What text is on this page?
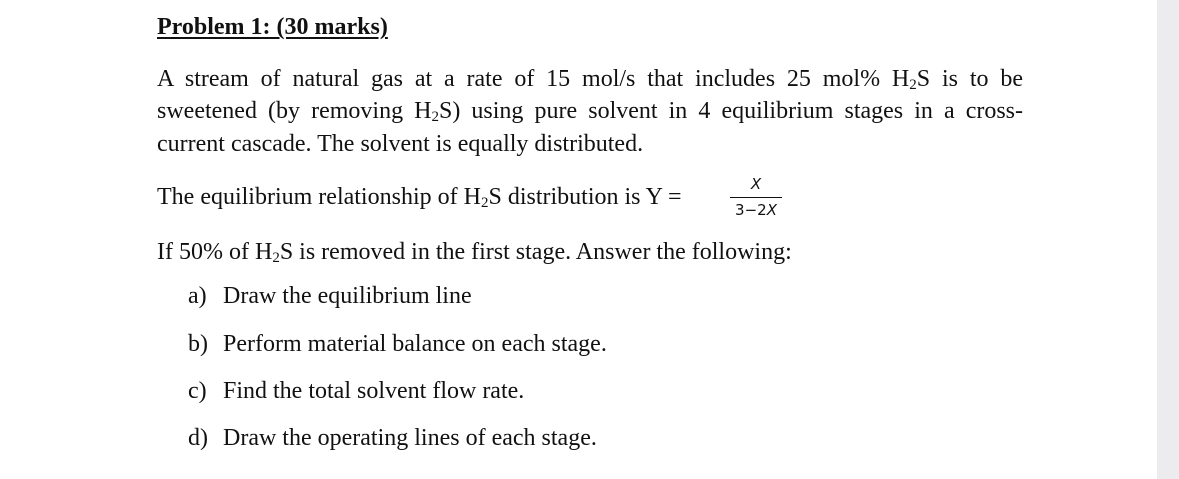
Problem 1: (30 marks)
A stream of natural gas at a rate of 15 mol/s that includes 25 mol% $H_2S$ is to be
sweetened (by removing $H_2S$) using pure solvent in 4 equilibrium stages in a cross-
current cascade. The solvent is equally distributed.
The equilibrium relationship of $H_2S$ distribution is Y =	X
3−2X
If 50% of $H_2S$ is removed in the first stage. Answer the following:
a) Draw the equilibrium line
b) Perform material balance on each stage.
c) Find the total solvent flow rate.
d) Draw the operating lines of each stage.
